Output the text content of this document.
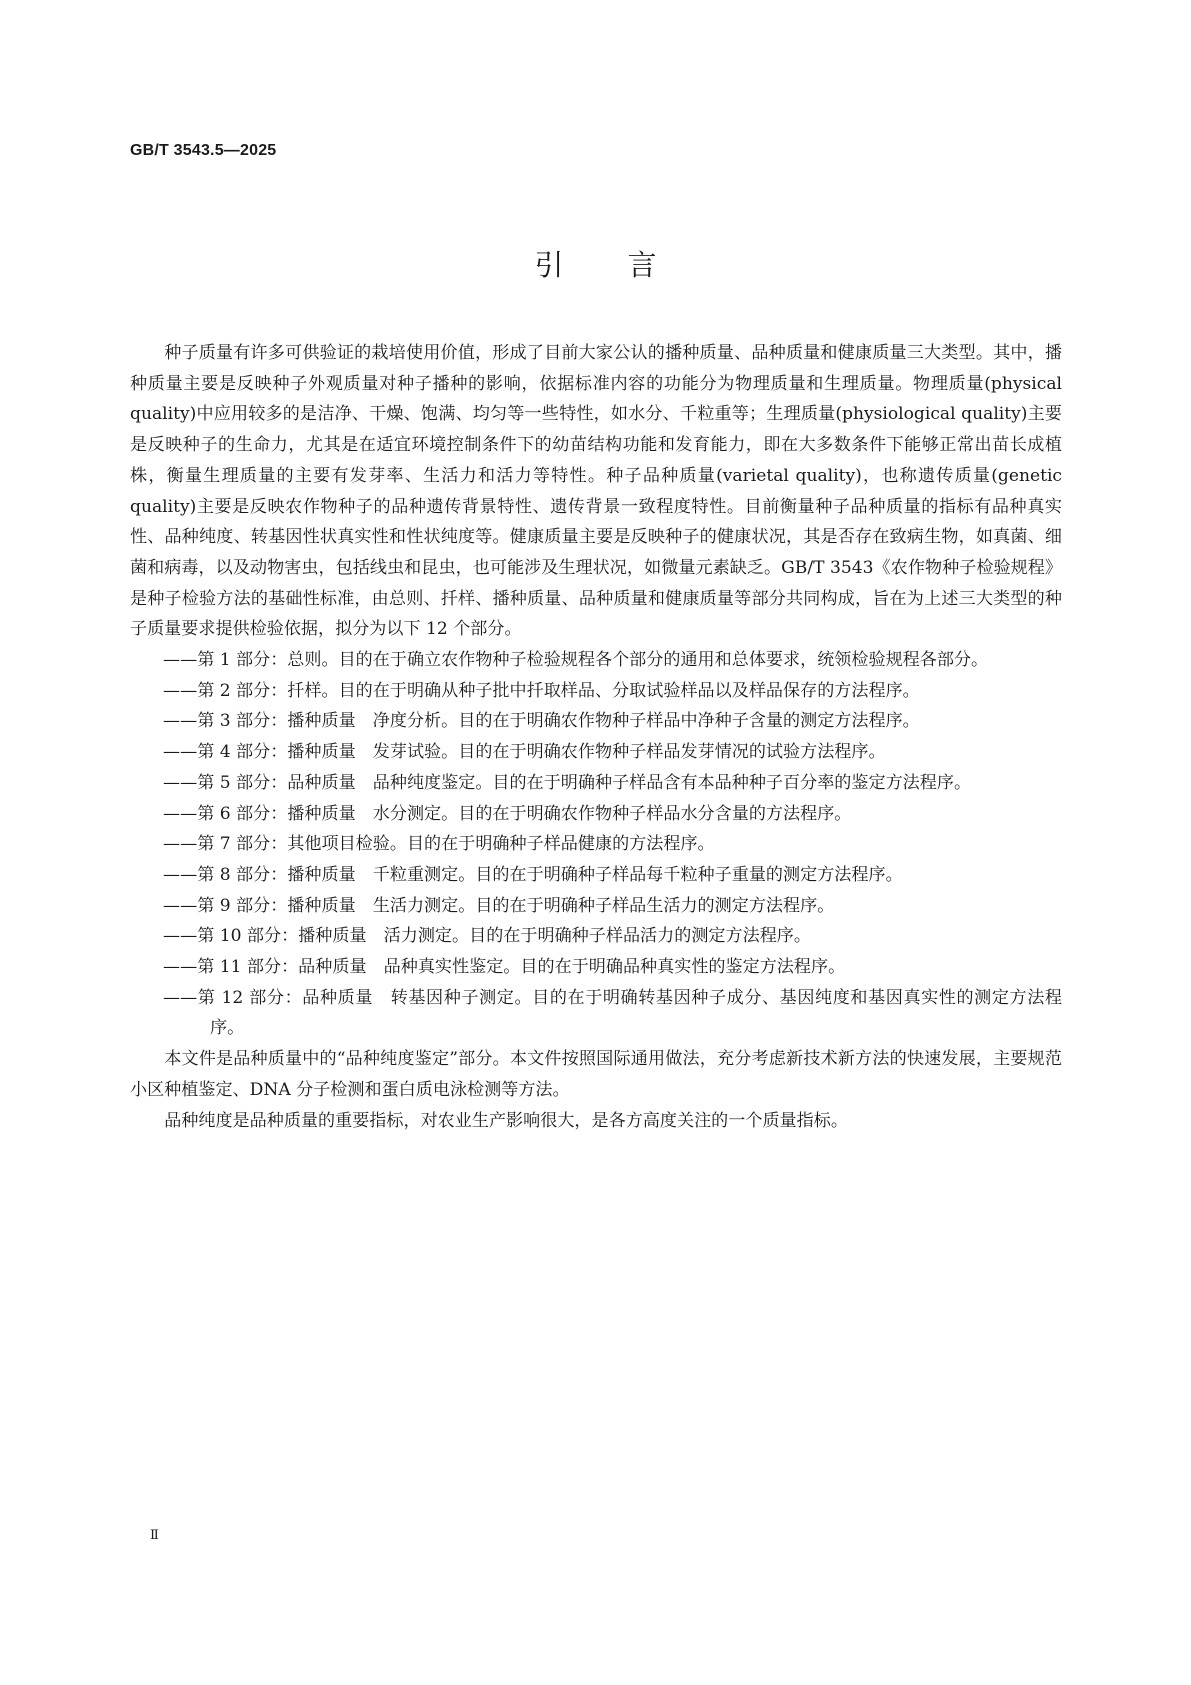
GB/T 3543.5—2025
引言

种子质量有许多可供验证的栽培使用价值，形成了目前大家公认的播种质量、品种质量和健康质量三大类型。其中，播种质量主要是反映种子外观质量对种子播种的影响，依据标准内容的功能分为物理质量和生理质量。物理质量(physical quality)中应用较多的是洁净、干燥、饱满、均匀等一些特性，如水分、千粒重等；生理质量(physiological quality)主要是反映种子的生命力，尤其是在适宜环境控制条件下的幼苗结构功能和发育能力，即在大多数条件下能够正常出苗长成植株，衡量生理质量的主要有发芽率、生活力和活力等特性。种子品种质量(varietal quality)，也称遗传质量(genetic quality)主要是反映农作物种子的品种遗传背景特性、遗传背景一致程度特性。目前衡量种子品种质量的指标有品种真实性、品种纯度、转基因性状真实性和性状纯度等。健康质量主要是反映种子的健康状况，其是否存在致病生物，如真菌、细菌和病毒，以及动物害虫，包括线虫和昆虫，也可能涉及生理状况，如微量元素缺乏。GB/T 3543《农作物种子检验规程》是种子检验方法的基础性标准，由总则、扦样、播种质量、品种质量和健康质量等部分共同构成，旨在为上述三大类型的种子质量要求提供检验依据，拟分为以下 12 个部分。

——第 1 部分：总则。目的在于确立农作物种子检验规程各个部分的通用和总体要求，统领检验规程各部分。
——第 2 部分：扦样。目的在于明确从种子批中扦取样品、分取试验样品以及样品保存的方法程序。
——第 3 部分：播种质量　净度分析。目的在于明确农作物种子样品中净种子含量的测定方法程序。
——第 4 部分：播种质量　发芽试验。目的在于明确农作物种子样品发芽情况的试验方法程序。
——第 5 部分：品种质量　品种纯度鉴定。目的在于明确种子样品含有本品种种子百分率的鉴定方法程序。
——第 6 部分：播种质量　水分测定。目的在于明确农作物种子样品水分含量的方法程序。
——第 7 部分：其他项目检验。目的在于明确种子样品健康的方法程序。
——第 8 部分：播种质量　千粒重测定。目的在于明确种子样品每千粒种子重量的测定方法程序。
——第 9 部分：播种质量　生活力测定。目的在于明确种子样品生活力的测定方法程序。
——第 10 部分：播种质量　活力测定。目的在于明确种子样品活力的测定方法程序。
——第 11 部分：品种质量　品种真实性鉴定。目的在于明确品种真实性的鉴定方法程序。
——第 12 部分：品种质量　转基因种子测定。目的在于明确转基因种子成分、基因纯度和基因真实性的测定方法程序。

本文件是品种质量中的“品种纯度鉴定”部分。本文件按照国际通用做法，充分考虑新技术新方法的快速发展，主要规范小区种植鉴定、DNA 分子检测和蛋白质电泳检测等方法。

品种纯度是品种质量的重要指标，对农业生产影响很大，是各方高度关注的一个质量指标。

Ⅱ
